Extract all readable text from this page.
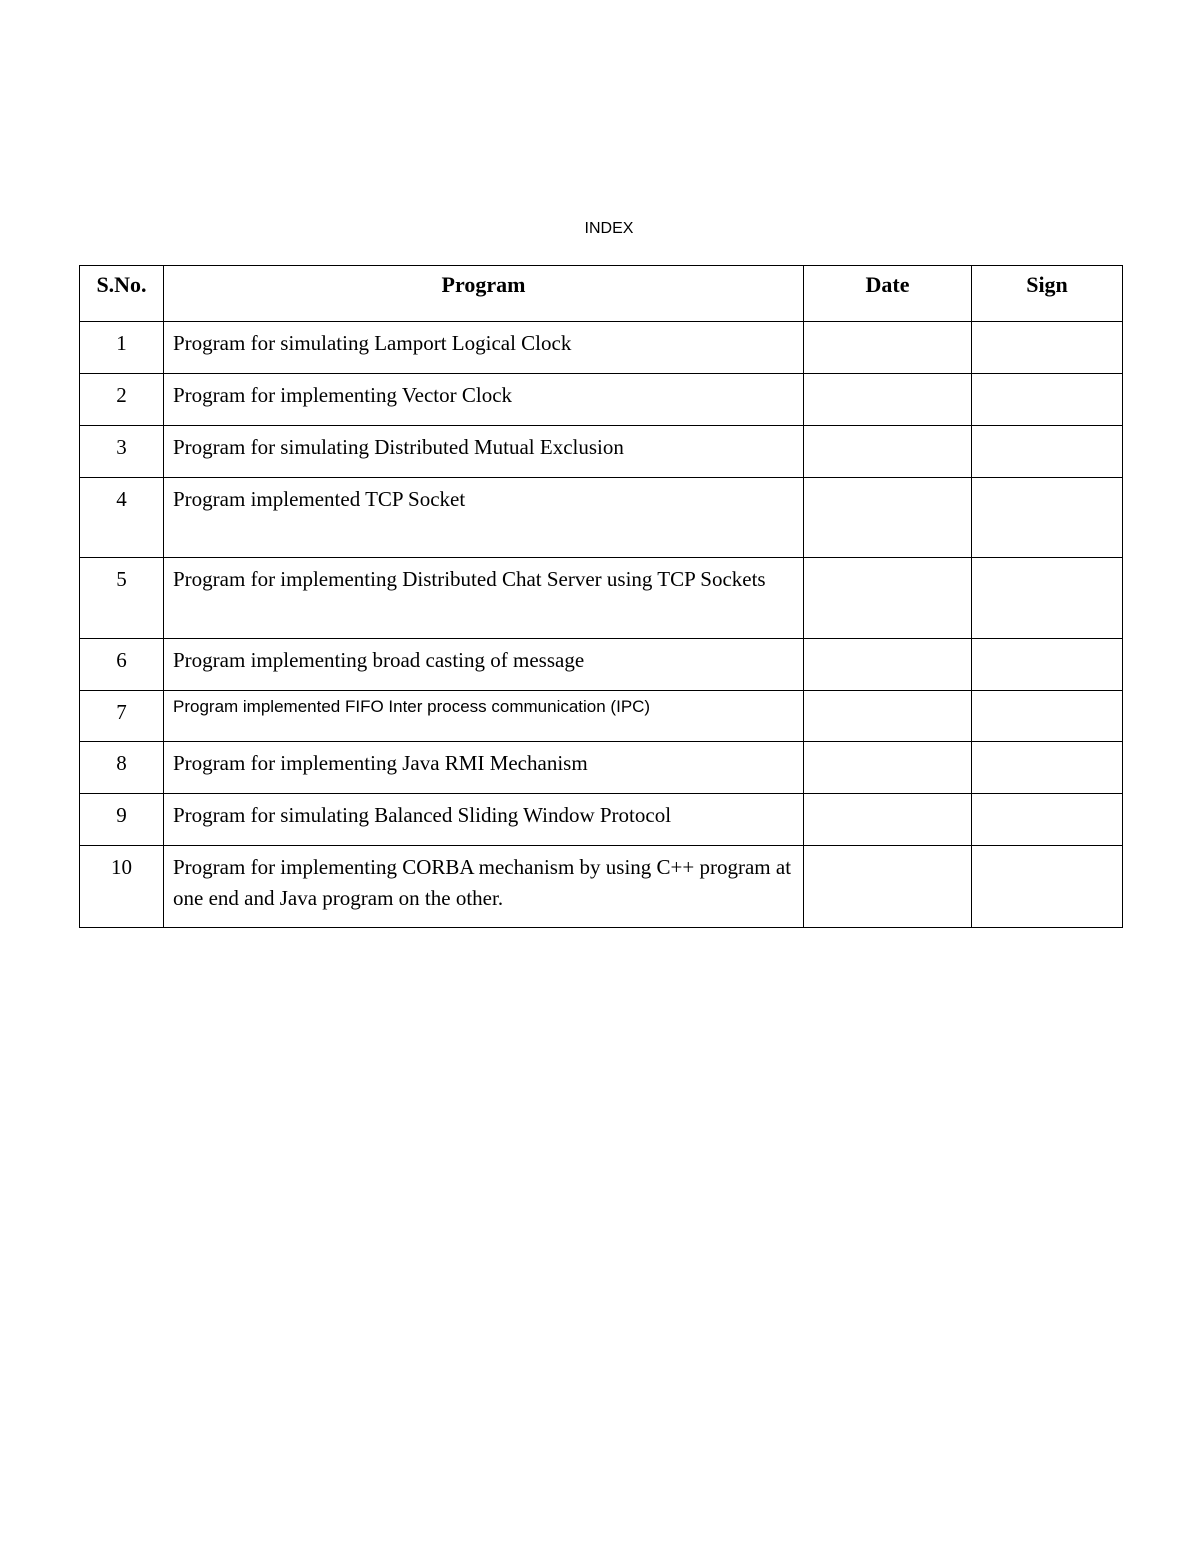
INDEX
S.No.	Program	Date	Sign
1	Program for simulating Lamport Logical Clock		
2	Program for implementing Vector Clock		
3	Program for simulating Distributed Mutual Exclusion		
4	Program implemented TCP Socket		
5	Program for implementing Distributed Chat Server using TCP Sockets		
6	Program implementing broad casting of message		
7	Program implemented FIFO Inter process communication (IPC)		
8	Program for implementing Java RMI Mechanism		
9	Program for simulating Balanced Sliding Window Protocol		
10	Program for implementing CORBA mechanism by using C++ program at one end and Java program on the other.		
